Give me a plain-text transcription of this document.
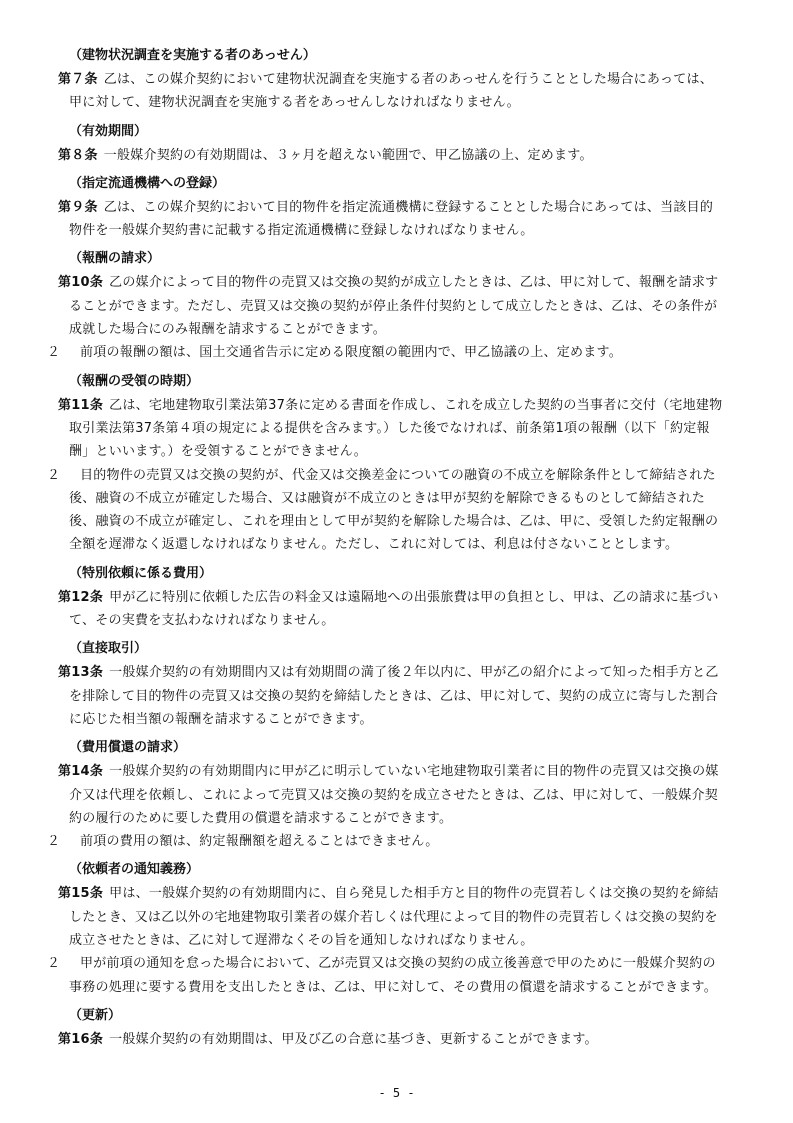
（建物状況調査を実施する者のあっせん）
第７条 乙は、この媒介契約において建物状況調査を実施する者のあっせんを行うこととした場合にあっては、甲に対して、建物状況調査を実施する者をあっせんしなければなりません。
（有効期間）
第８条 一般媒介契約の有効期間は、３ヶ月を超えない範囲で、甲乙協議の上、定めます。
（指定流通機構への登録）
第９条 乙は、この媒介契約において目的物件を指定流通機構に登録することとした場合にあっては、当該目的物件を一般媒介契約書に記載する指定流通機構に登録しなければなりません。
（報酬の請求）
第10条 乙の媒介によって目的物件の売買又は交換の契約が成立したときは、乙は、甲に対して、報酬を請求することができます。ただし、売買又は交換の契約が停止条件付契約として成立したときは、乙は、その条件が成就した場合にのみ報酬を請求することができます。
２ 前項の報酬の額は、国土交通省告示に定める限度額の範囲内で、甲乙協議の上、定めます。
（報酬の受領の時期）
第11条 乙は、宅地建物取引業法第37条に定める書面を作成し、これを成立した契約の当事者に交付（宅地建物取引業法第37条第４項の規定による提供を含みます。）した後でなければ、前条第1項の報酬（以下「約定報酬」といいます。）を受領することができません。
２ 目的物件の売買又は交換の契約が、代金又は交換差金についての融資の不成立を解除条件として締結された後、融資の不成立が確定した場合、又は融資が不成立のときは甲が契約を解除できるものとして締結された後、融資の不成立が確定し、これを理由として甲が契約を解除した場合は、乙は、甲に、受領した約定報酬の全額を遅滞なく返還しなければなりません。ただし、これに対しては、利息は付さないこととします。
（特別依頼に係る費用）
第12条 甲が乙に特別に依頼した広告の料金又は遠隔地への出張旅費は甲の負担とし、甲は、乙の請求に基づいて、その実費を支払わなければなりません。
（直接取引）
第13条 一般媒介契約の有効期間内又は有効期間の満了後２年以内に、甲が乙の紹介によって知った相手方と乙を排除して目的物件の売買又は交換の契約を締結したときは、乙は、甲に対して、契約の成立に寄与した割合に応じた相当額の報酬を請求することができます。
（費用償還の請求）
第14条 一般媒介契約の有効期間内に甲が乙に明示していない宅地建物取引業者に目的物件の売買又は交換の媒介又は代理を依頼し、これによって売買又は交換の契約を成立させたときは、乙は、甲に対して、一般媒介契約の履行のために要した費用の償還を請求することができます。
２ 前項の費用の額は、約定報酬額を超えることはできません。
（依頼者の通知義務）
第15条 甲は、一般媒介契約の有効期間内に、自ら発見した相手方と目的物件の売買若しくは交換の契約を締結したとき、又は乙以外の宅地建物取引業者の媒介若しくは代理によって目的物件の売買若しくは交換の契約を成立させたときは、乙に対して遅滞なくその旨を通知しなければなりません。
２ 甲が前項の通知を怠った場合において、乙が売買又は交換の契約の成立後善意で甲のために一般媒介契約の事務の処理に要する費用を支出したときは、乙は、甲に対して、その費用の償還を請求することができます。
（更新）
第16条 一般媒介契約の有効期間は、甲及び乙の合意に基づき、更新することができます。
- 5 -
